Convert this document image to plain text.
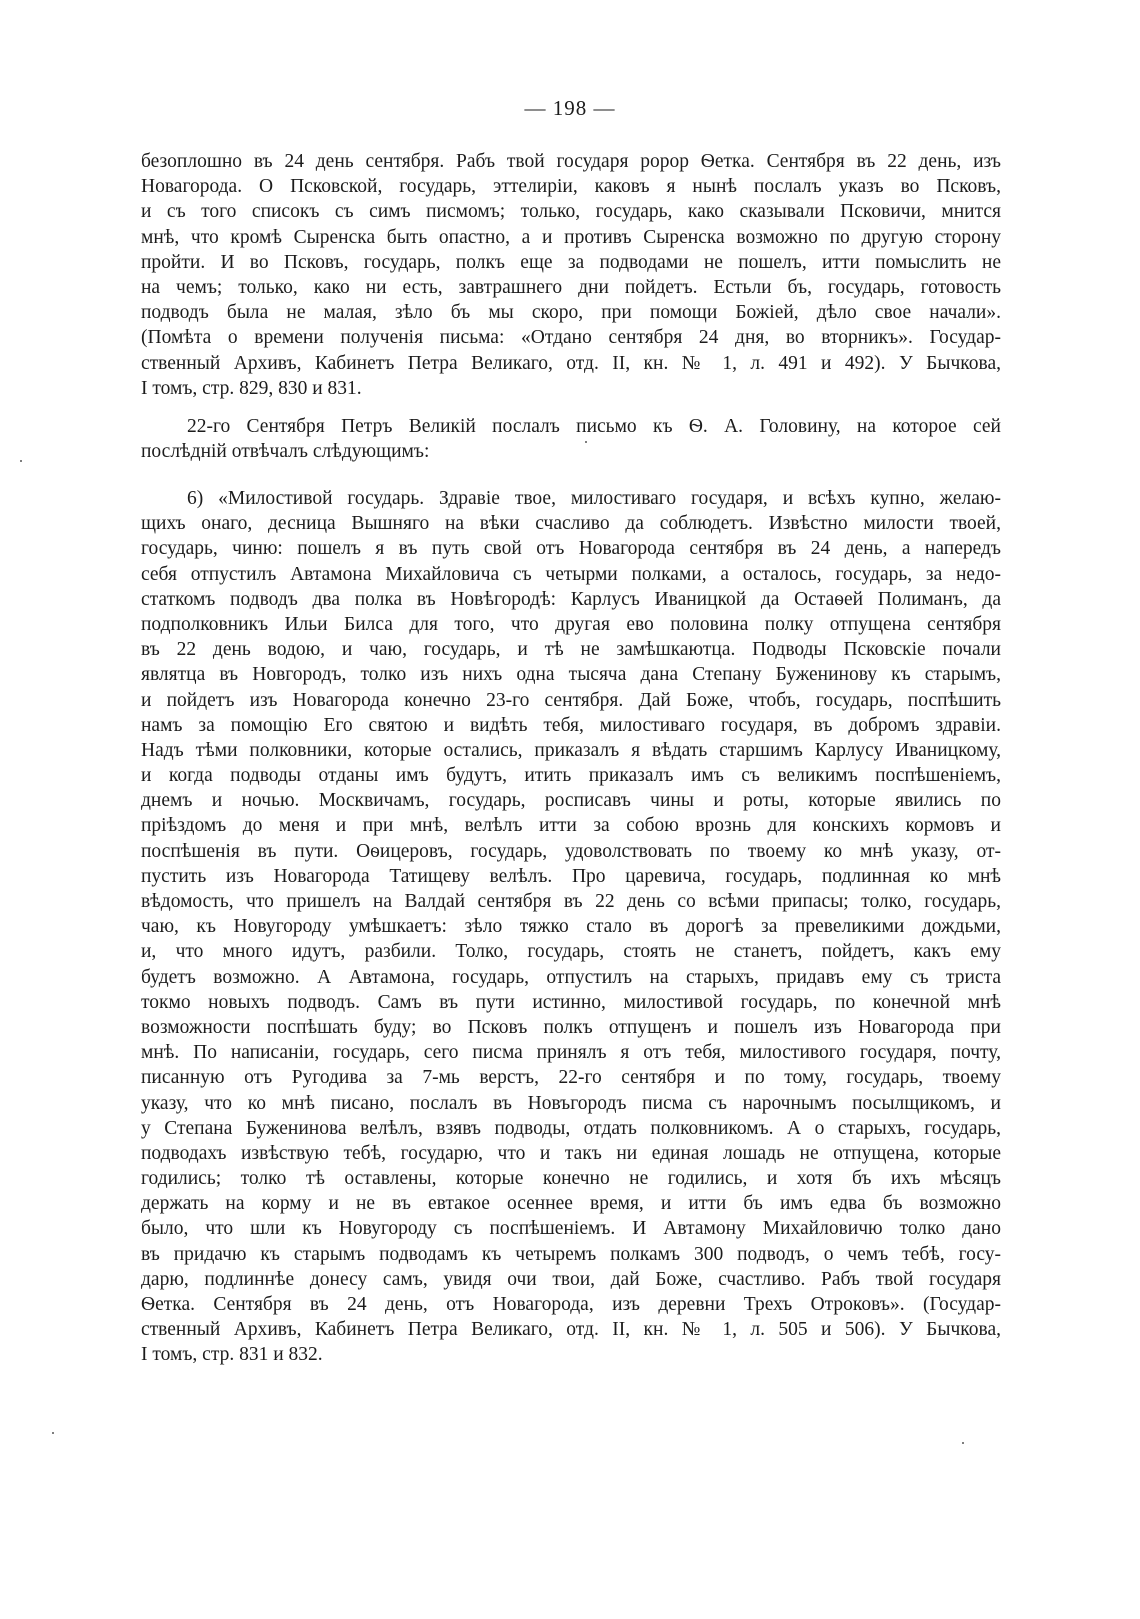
— 198 —

безоплошно въ 24 день сентября. Рабъ твой государя ророр Ѳетка. Сентября въ 22 день, изъ
Новагорода. О Псковской, государь, эттелиріи, каковъ я нынѣ послалъ указъ во Псковъ,
и съ того списокъ съ симъ писмомъ; только, государь, како сказывали Псковичи, мнится
мнѣ, что кромѣ Сыренска быть опастно, а и противъ Сыренска возможно по другую сторону
пройти. И во Псковъ, государь, полкъ еще за подводами не пошелъ, итти помыслить не
на чемъ; только, како ни есть, завтрашнего дни пойдетъ. Естьли бъ, государь, готовость
подводъ была не малая, зѣло бъ мы скоро, при помощи Божіей, дѣло свое начали».
(Помѣта о времени полученія письма: «Отдано сентября 24 дня, во вторникъ». Государ-
ственный Архивъ, Кабинетъ Петра Великаго, отд. II, кн. № 1, л. 491 и 492). У Бычкова,
I томъ, стр. 829, 830 и 831.
22-го Сентября Петръ Великій послалъ письмо къ Ѳ. А. Головину, на которое сей
послѣдній отвѣчалъ слѣдующимъ:
6) «Милостивой государь. Здравіе твое, милостиваго государя, и всѣхъ купно, желаю-
щихъ онаго, десница Вышняго на вѣки счасливо да соблюдетъ. Извѣстно милости твоей,
государь, чиню: пошелъ я въ путь свой отъ Новагорода сентября въ 24 день, а напередъ
себя отпустилъ Автамона Михайловича съ четырми полками, а осталось, государь, за недо-
статкомъ подводъ два полка въ Новѣгородѣ: Карлусъ Иваницкой да Остаѳей Полиманъ, да
подполковникъ Ильи Билса для того, что другая ево половина полку отпущена сентября
въ 22 день водою, и чаю, государь, и тѣ не замѣшкаютца. Подводы Псковскіе почали
являтца въ Новгородъ, толко изъ нихъ одна тысяча дана Степану Буженинову къ старымъ,
и пойдетъ изъ Новагорода конечно 23-го сентября. Дай Боже, чтобъ, государь, поспѣшить
намъ за помощію Его святою и видѣть тебя, милостиваго государя, въ добромъ здравіи.
Надъ тѣми полковники, которые остались, приказалъ я вѣдать старшимъ Карлусу Иваницкому,
и когда подводы отданы имъ будутъ, итить приказалъ имъ съ великимъ поспѣшеніемъ,
днемъ и ночью. Москвичамъ, государь, росписавъ чины и роты, которые явились по
пріѣздомъ до меня и при мнѣ, велѣлъ итти за собою врознь для конскихъ кормовъ и
поспѣшенія въ пути. Оѳицеровъ, государь, удоволствовать по твоему ко мнѣ указу, от-
пустить изъ Новагорода Татищеву велѣлъ. Про царевича, государь, подлинная ко мнѣ
вѣдомость, что пришелъ на Валдай сентября въ 22 день со всѣми припасы; толко, государь,
чаю, къ Новугороду умѣшкаетъ: зѣло тяжко стало въ дорогѣ за превеликими дождьми,
и, что много идутъ, разбили. Толко, государь, стоять не станетъ, пойдетъ, какъ ему
будетъ возможно. А Автамона, государь, отпустилъ на старыхъ, придавъ ему съ триста
токмо новыхъ подводъ. Самъ въ пути истинно, милостивой государь, по конечной мнѣ
возможности поспѣшать буду; во Псковъ полкъ отпущенъ и пошелъ изъ Новагорода при
мнѣ. По написаніи, государь, сего писма принялъ я отъ тебя, милостивого государя, почту,
писанную отъ Ругодива за 7-мь верстъ, 22-го сентября и по тому, государь, твоему
указу, что ко мнѣ писано, послалъ въ Новъгородъ писма съ нарочнымъ посылщикомъ, и
у Степана Буженинова велѣлъ, взявъ подводы, отдать полковникомъ. А о старыхъ, государь,
подводахъ извѣствую тебѣ, государю, что и такъ ни единая лошадь не отпущена, которые
годились; толко тѣ оставлены, которые конечно не годились, и хотя бъ ихъ мѣсяцъ
держать на корму и не въ евтакое осеннее время, и итти бъ имъ едва бъ возможно
было, что шли къ Новугороду съ поспѣшеніемъ. И Автамону Михайловичю толко дано
въ придачю къ старымъ подводамъ къ четыремъ полкамъ 300 подводъ, о чемъ тебѣ, госу-
дарю, подлиннѣе донесу самъ, увидя очи твои, дай Боже, счастливо. Рабъ твой государя
Ѳетка. Сентября въ 24 день, отъ Новагорода, изъ деревни Трехъ Отроковъ». (Государ-
ственный Архивъ, Кабинетъ Петра Великаго, отд. II, кн. № 1, л. 505 и 506). У Бычкова,
I томъ, стр. 831 и 832.
